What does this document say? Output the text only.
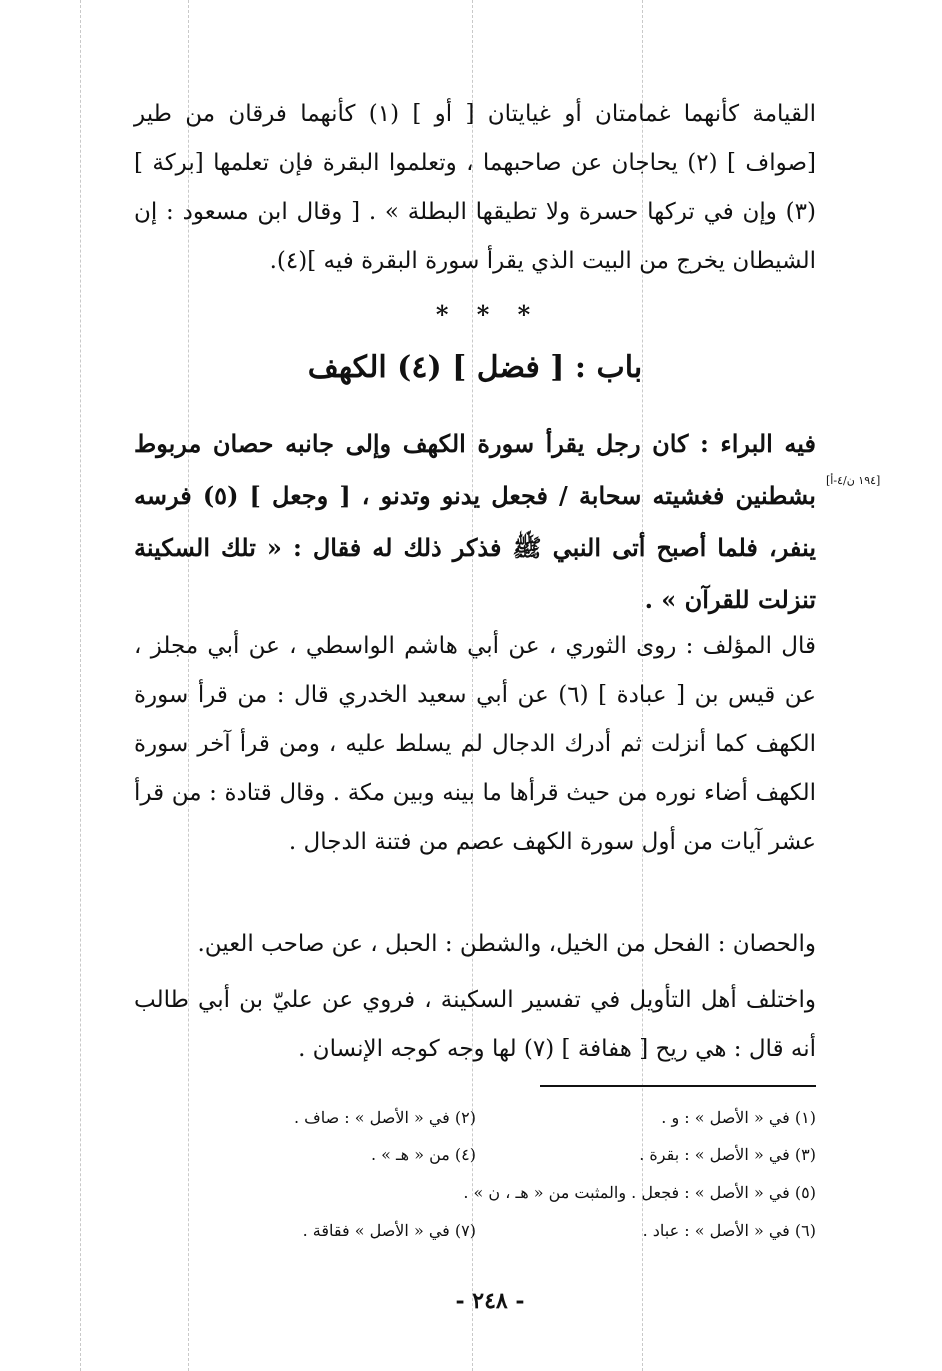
القيامة كأنهما غمامتان أو غيايتان [ أو ] (١) كأنهما فرقان من طير [صواف ] (٢) يحاجان عن صاحبهما ، وتعلموا البقرة فإن تعلمها [بركة ] (٣) وإن في تركها حسرة ولا تطيقها البطلة » . [ وقال ابن مسعود : إن الشيطان يخرج من البيت الذي يقرأ سورة البقرة فيه ](٤).
* * *
باب : [ فضل ] (٤) الكهف
فيه البراء : كان رجل يقرأ سورة الكهف وإلى جانبه حصان مربوط بشطنين فغشيته سحابة / فجعل يدنو وتدنو ، [ وجعل ] (٥) فرسه ينفر، فلما أصبح أتى النبي ﷺ فذكر ذلك له فقال : « تلك السكينة تنزلت للقرآن » .
[١٩٤ ن/٤-أ]
قال المؤلف : روى الثوري ، عن أبي هاشم الواسطي ، عن أبي مجلز ، عن قيس بن [ عبادة ] (٦) عن أبي سعيد الخدري قال : من قرأ سورة الكهف كما أنزلت ثم أدرك الدجال لم يسلط عليه ، ومن قرأ آخر سورة الكهف أضاء نوره من حيث قرأها ما بينه وبين مكة . وقال قتادة : من قرأ عشر آيات من أول سورة الكهف عصم من فتنة الدجال .
والحصان : الفحل من الخيل، والشطن : الحبل ، عن صاحب العين.
واختلف أهل التأويل في تفسير السكينة ، فروي عن عليّ بن أبي طالب أنه قال : هي ريح [ هفافة ] (٧) لها وجه كوجه الإنسان .
(١) في « الأصل » : و .
(٢) في « الأصل » : صاف .
(٣) في « الأصل » : بقرة .
(٤) من « هـ » .
(٥) في « الأصل » : فجعل . والمثبت من « هـ ، ن » .
(٦) في « الأصل » : عباد .
(٧) في « الأصل » فقاقة .
- ٢٤٨ -
